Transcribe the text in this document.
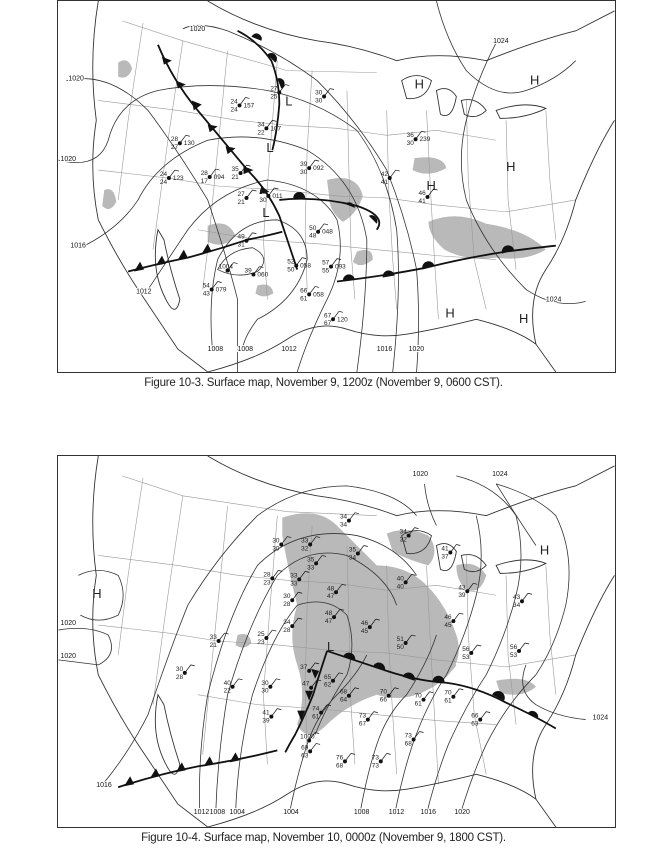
1020
1024
1020
1020
1016
1012
1008 1008	1012	1016 1020
1024
H	H
H
H
H	H
L
L
L
27
25
30
30
24
24
157
34
22
107
28
27
130
36
30
239
24
24
123
28
17
094
35
21
39
30
092
42
41
33
30
011
27
21
46
41
50
48
048
49
31
1004
39
060
52
50
058 57
55
093
54
43
079	66
61
058
67
67
120
Figure 10-3. Surface map, November 9, 1200z (November 9, 0600 CST).
1020	1024
1020
1020
1016
1024
1012 1008 1004	1004	1008	1012 1016	1020
H
H
L
34
34
34
32
30
30
33
32	35
34
41
37
35
33
28
23
33
33
40
40
30
28
48
47
43
39	43
34
48
47
46
45
34
28
46
45
25
23
33
21
51
50	56
53
56
53
30
28
37
47
65
62
40
22
30
30	68
64
70
66
70
61
70
61
41
39
74
61	73
67
66
63
1000	73
68
69
63	76
68
73
73
Figure 10-4. Surface map, November 10, 0000z (November 9, 1800 CST).
